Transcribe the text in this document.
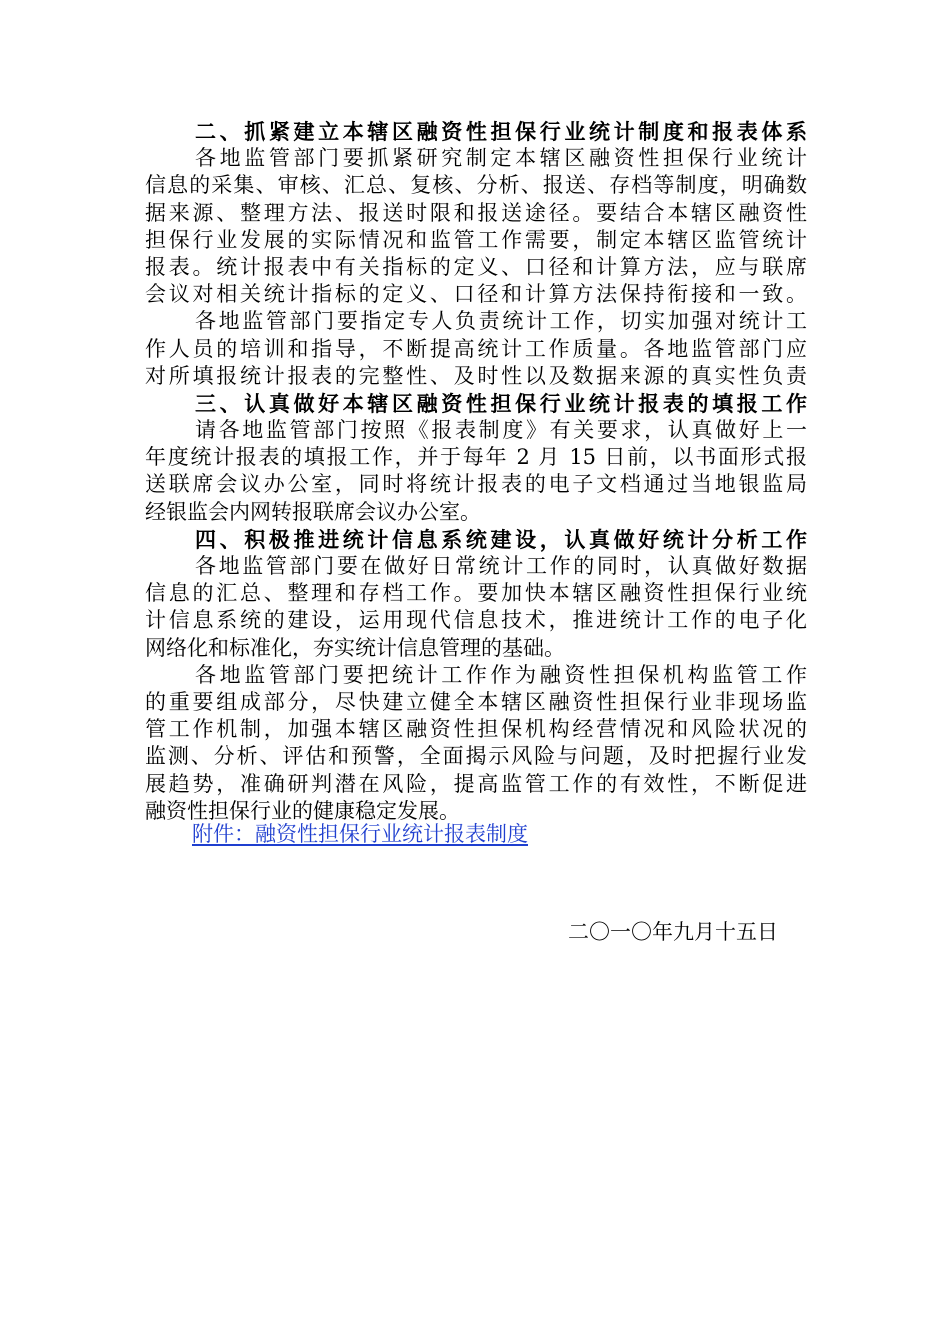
二、抓紧建立本辖区融资性担保行业统计制度和报表体系
各地监管部门要抓紧研究制定本辖区融资性担保行业统计
信息的采集、审核、汇总、复核、分析、报送、存档等制度，明确数
据来源、整理方法、报送时限和报送途径。要结合本辖区融资性
担保行业发展的实际情况和监管工作需要，制定本辖区监管统计
报表。统计报表中有关指标的定义、口径和计算方法，应与联席
会议对相关统计指标的定义、口径和计算方法保持衔接和一致。
各地监管部门要指定专人负责统计工作，切实加强对统计工
作人员的培训和指导，不断提高统计工作质量。各地监管部门应
对所填报统计报表的完整性、及时性以及数据来源的真实性负责
三、认真做好本辖区融资性担保行业统计报表的填报工作
请各地监管部门按照《报表制度》有关要求，认真做好上一
年度统计报表的填报工作，并于每年 2 月 15 日前，以书面形式报
送联席会议办公室，同时将统计报表的电子文档通过当地银监局
经银监会内网转报联席会议办公室。
四、积极推进统计信息系统建设，认真做好统计分析工作
各地监管部门要在做好日常统计工作的同时，认真做好数据
信息的汇总、整理和存档工作。要加快本辖区融资性担保行业统
计信息系统的建设，运用现代信息技术，推进统计工作的电子化
网络化和标准化，夯实统计信息管理的基础。
各地监管部门要把统计工作作为融资性担保机构监管工作
的重要组成部分，尽快建立健全本辖区融资性担保行业非现场监
管工作机制，加强本辖区融资性担保机构经营情况和风险状况的
监测、分析、评估和预警，全面揭示风险与问题，及时把握行业发
展趋势，准确研判潜在风险，提高监管工作的有效性，不断促进
融资性担保行业的健康稳定发展。
附件：融资性担保行业统计报表制度
二〇一〇年九月十五日
